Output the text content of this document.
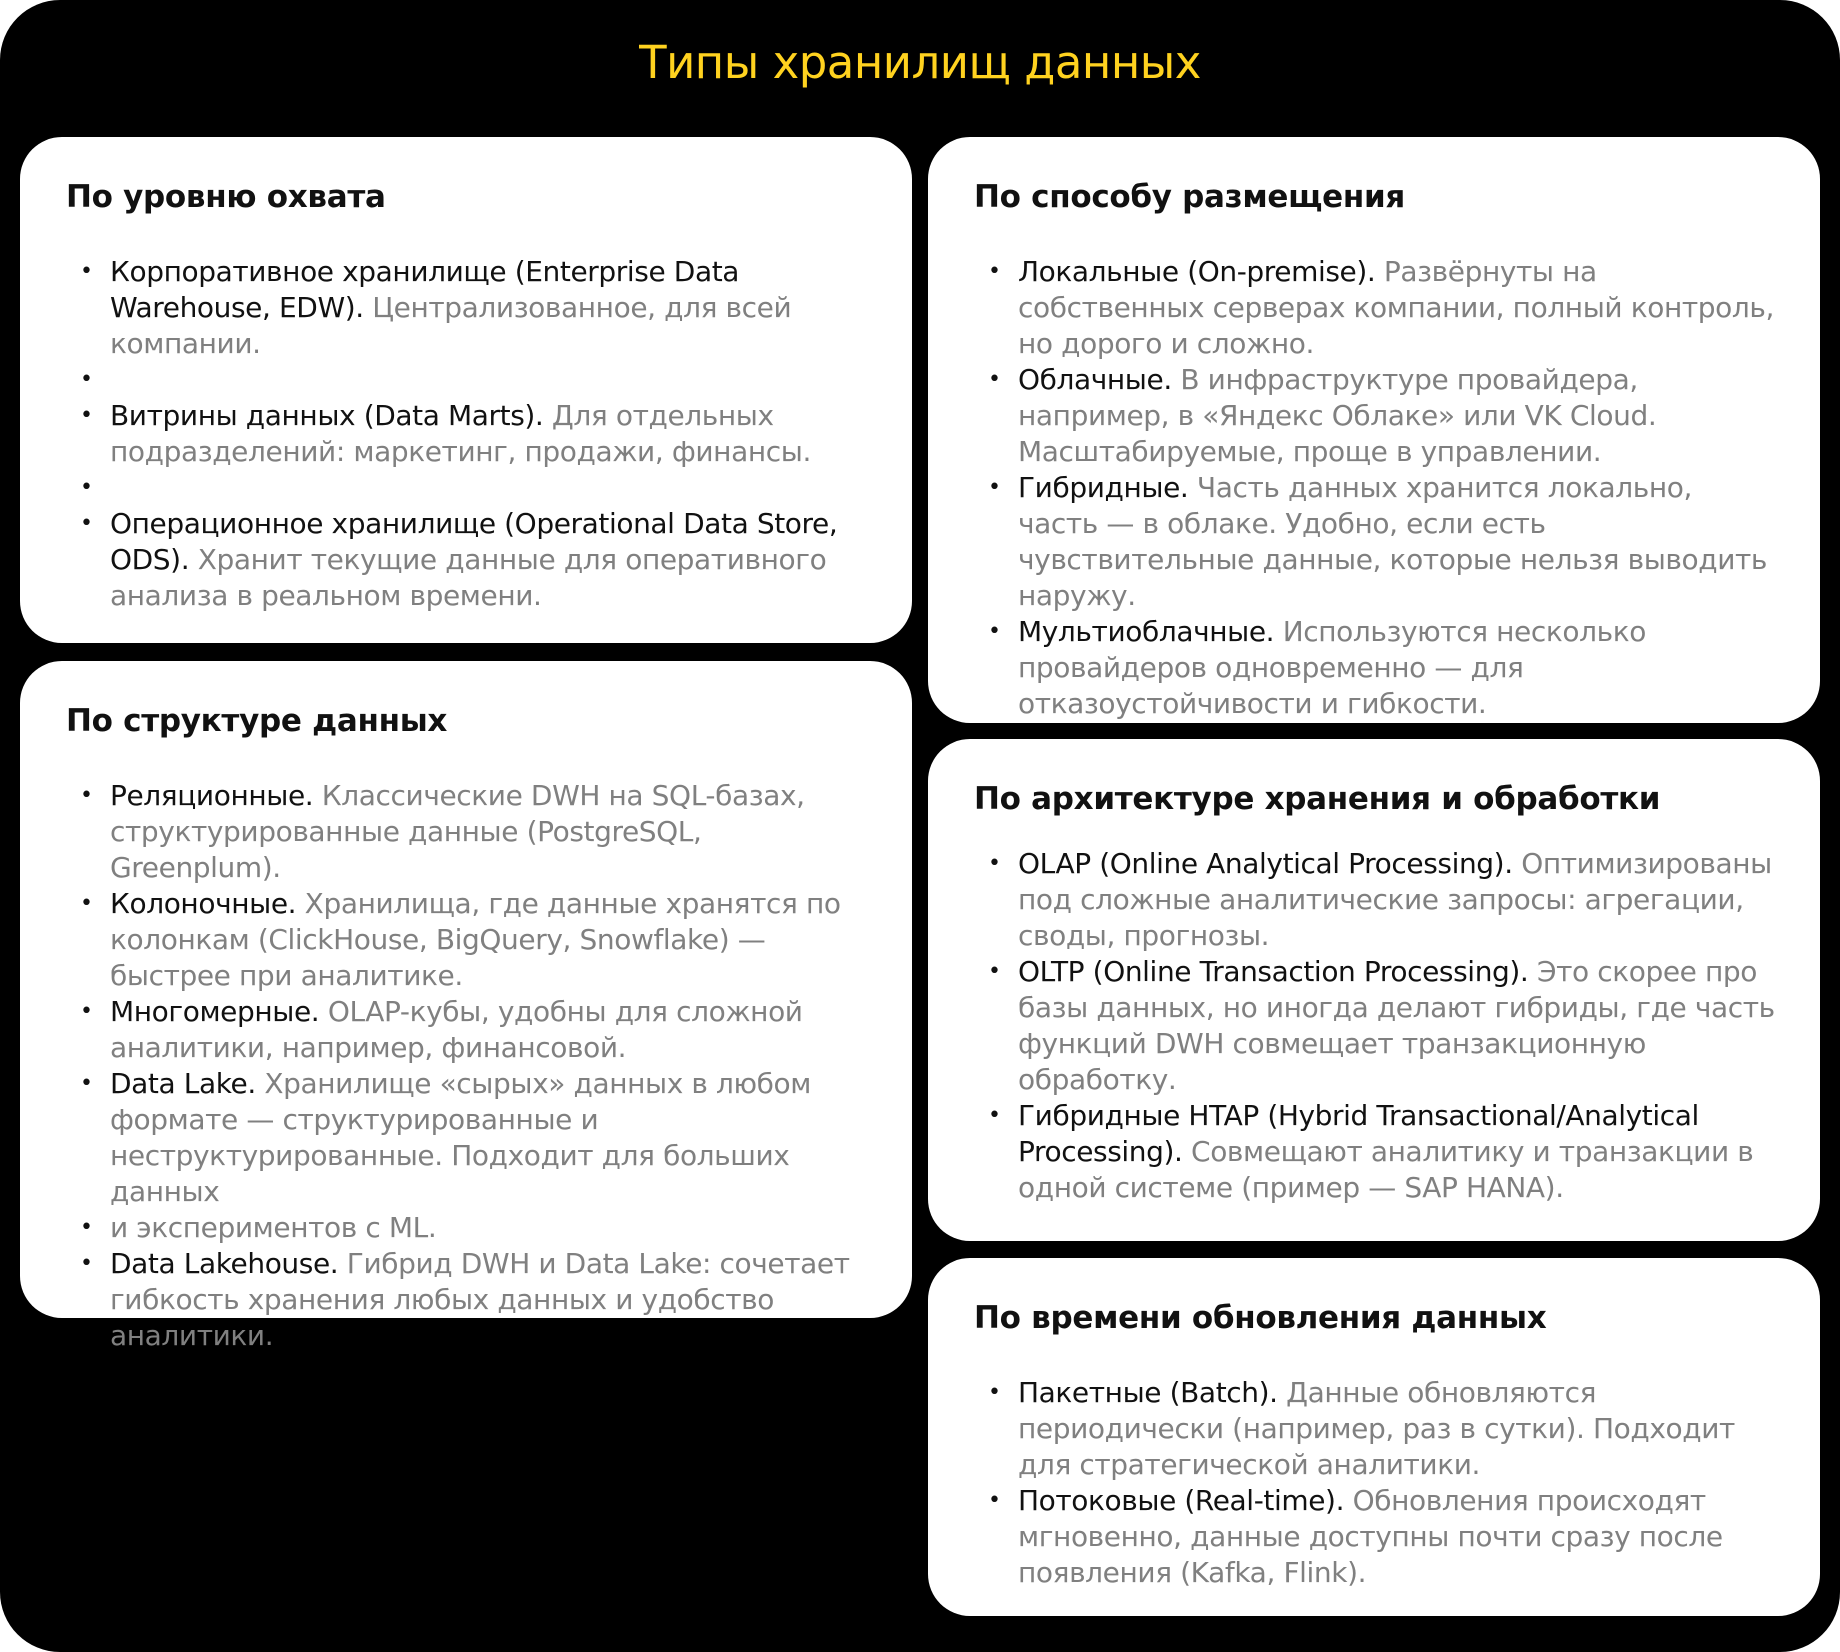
Типы хранилищ данных
По уровню охвата
• Корпоративное хранилище (Enterprise Data Warehouse, EDW). Централизованное, для всей компании.
•
• Витрины данных (Data Marts). Для отдельных подразделений: маркетинг, продажи, финансы.
•
• Операционное хранилище (Operational Data Store, ODS). Хранит текущие данные для оперативного анализа в реальном времени.
По структуре данных
• Реляционные. Классические DWH на SQL-базах, структурированные данные (PostgreSQL, Greenplum).
• Колоночные. Хранилища, где данные хранятся по колонкам (ClickHouse, BigQuery, Snowflake) — быстрее при аналитике.
• Многомерные. OLAP-кубы, удобны для сложной аналитики, например, финансовой.
• Data Lake. Хранилище «сырых» данных в любом формате — структурированные и неструктурированные. Подходит для больших данных
• и экспериментов с ML.
• Data Lakehouse. Гибрид DWH и Data Lake: сочетает гибкость хранения любых данных и удобство аналитики.
По способу размещения
• Локальные (On-premise). Развёрнуты на собственных серверах компании, полный контроль, но дорого и сложно.
• Облачные. В инфраструктуре провайдера, например, в «Яндекс Облаке» или VK Cloud. Масштабируемые, проще в управлении.
• Гибридные. Часть данных хранится локально, часть — в облаке. Удобно, если есть чувствительные данные, которые нельзя выводить наружу.
• Мультиоблачные. Используются несколько провайдеров одновременно — для отказоустойчивости и гибкости.
По архитектуре хранения и обработки
• OLAP (Online Analytical Processing). Оптимизированы под сложные аналитические запросы: агрегации, своды, прогнозы.
• OLTP (Online Transaction Processing). Это скорее про базы данных, но иногда делают гибриды, где часть функций DWH совмещает транзакционную обработку.
• Гибридные HTAP (Hybrid Transactional/Analytical Processing). Совмещают аналитику и транзакции в одной системе (пример — SAP HANA).
По времени обновления данных
• Пакетные (Batch). Данные обновляются периодически (например, раз в сутки). Подходит для стратегической аналитики.
• Потоковые (Real-time). Обновления происходят мгновенно, данные доступны почти сразу после появления (Kafka, Flink).
